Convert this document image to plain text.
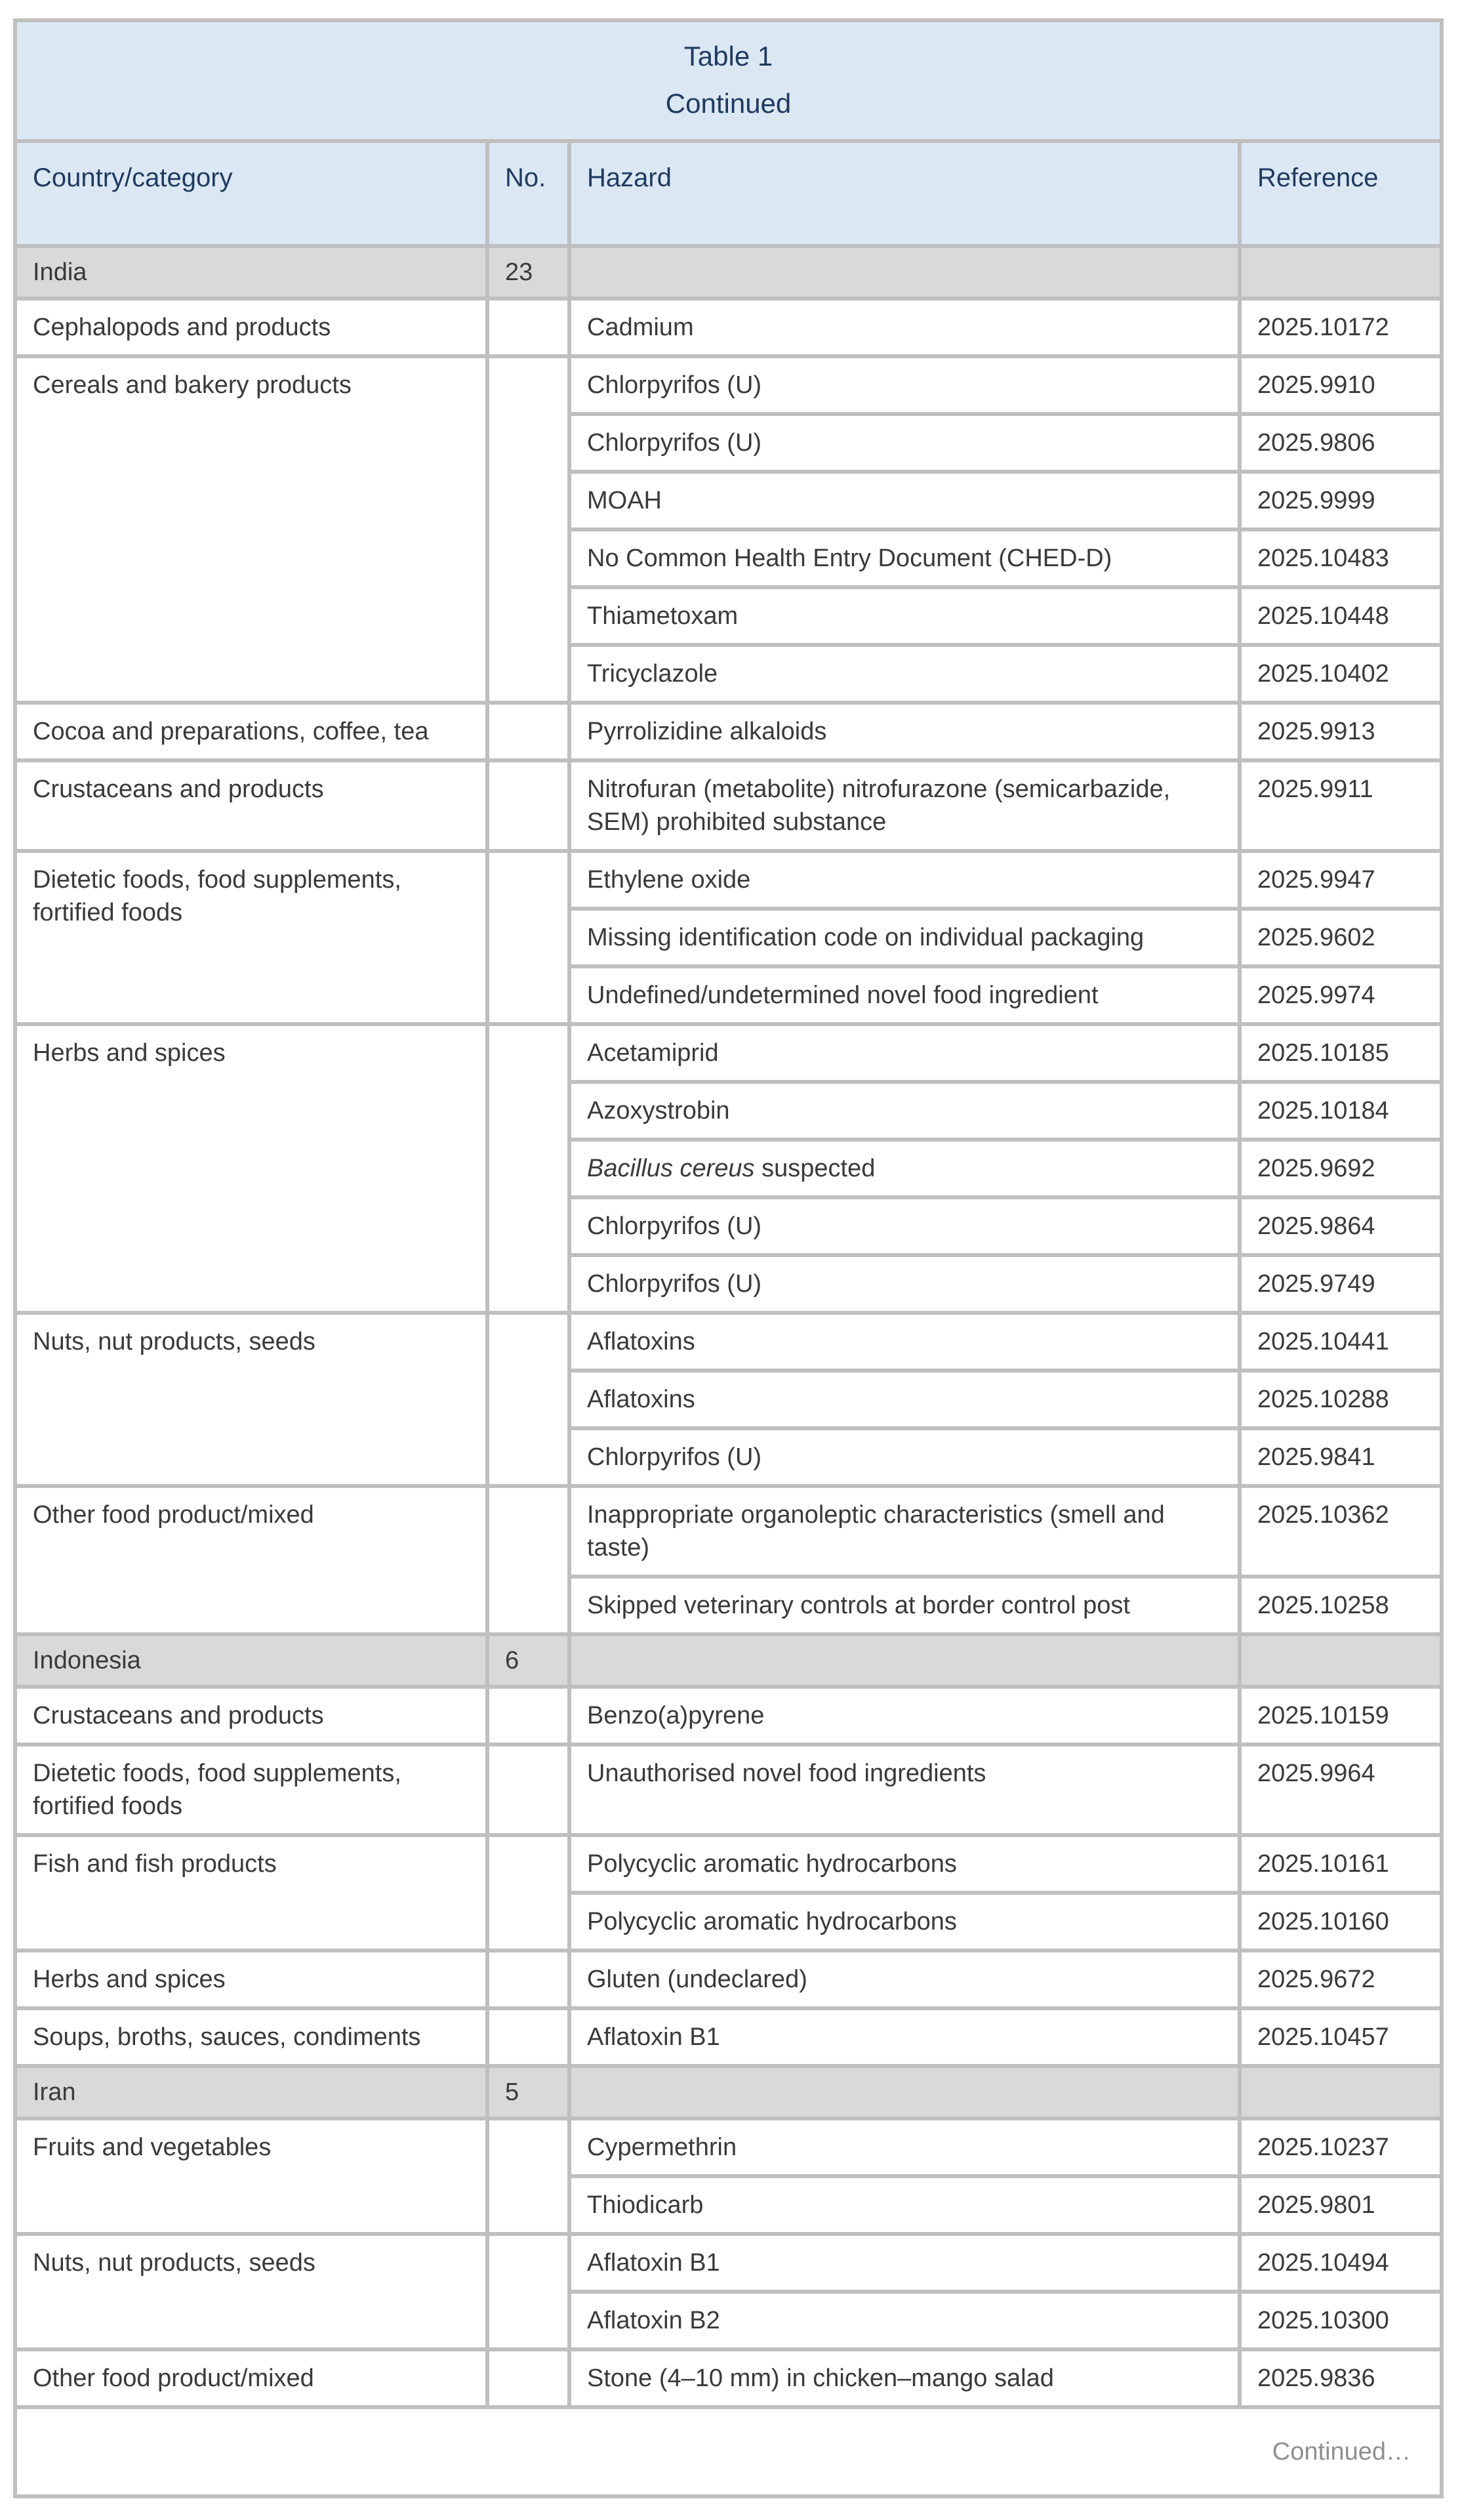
Table 1
Continued			

Country/category	No.	Hazard	Reference
India	23		
Cephalopods and products		Cadmium	2025.10172
Cereals and bakery products		Chlorpyrifos (U)	2025.9910
		Chlorpyrifos (U)	2025.9806
		MOAH	2025.9999
		No Common Health Entry Document (CHED-D)	2025.10483
		Thiametoxam	2025.10448
		Tricyclazole	2025.10402
Cocoa and preparations, coffee, tea		Pyrrolizidine alkaloids	2025.9913
Crustaceans and products		Nitrofuran (metabolite) nitrofurazone (semicarbazide, SEM) prohibited substance	2025.9911
Dietetic foods, food supplements, fortified foods		Ethylene oxide	2025.9947
		Missing identification code on individual packaging	2025.9602
		Undefined/undetermined novel food ingredient	2025.9974
Herbs and spices		Acetamiprid	2025.10185
		Azoxystrobin	2025.10184
		Bacillus cereus suspected	2025.9692
		Chlorpyrifos (U)	2025.9864
		Chlorpyrifos (U)	2025.9749
Nuts, nut products, seeds		Aflatoxins	2025.10441
		Aflatoxins	2025.10288
		Chlorpyrifos (U)	2025.9841
Other food product/mixed		Inappropriate organoleptic characteristics (smell and taste)	2025.10362
		Skipped veterinary controls at border control post	2025.10258
Indonesia	6		
Crustaceans and products		Benzo(a)pyrene	2025.10159
Dietetic foods, food supplements, fortified foods		Unauthorised novel food ingredients	2025.9964
Fish and fish products		Polycyclic aromatic hydrocarbons	2025.10161
		Polycyclic aromatic hydrocarbons	2025.10160
Herbs and spices		Gluten (undeclared)	2025.9672
Soups, broths, sauces, condiments		Aflatoxin B1	2025.10457
Iran	5		
Fruits and vegetables		Cypermethrin	2025.10237
		Thiodicarb	2025.9801
Nuts, nut products, seeds		Aflatoxin B1	2025.10494
		Aflatoxin B2	2025.10300
Other food product/mixed		Stone (4–10 mm) in chicken–mango salad	2025.9836
Continued…			
